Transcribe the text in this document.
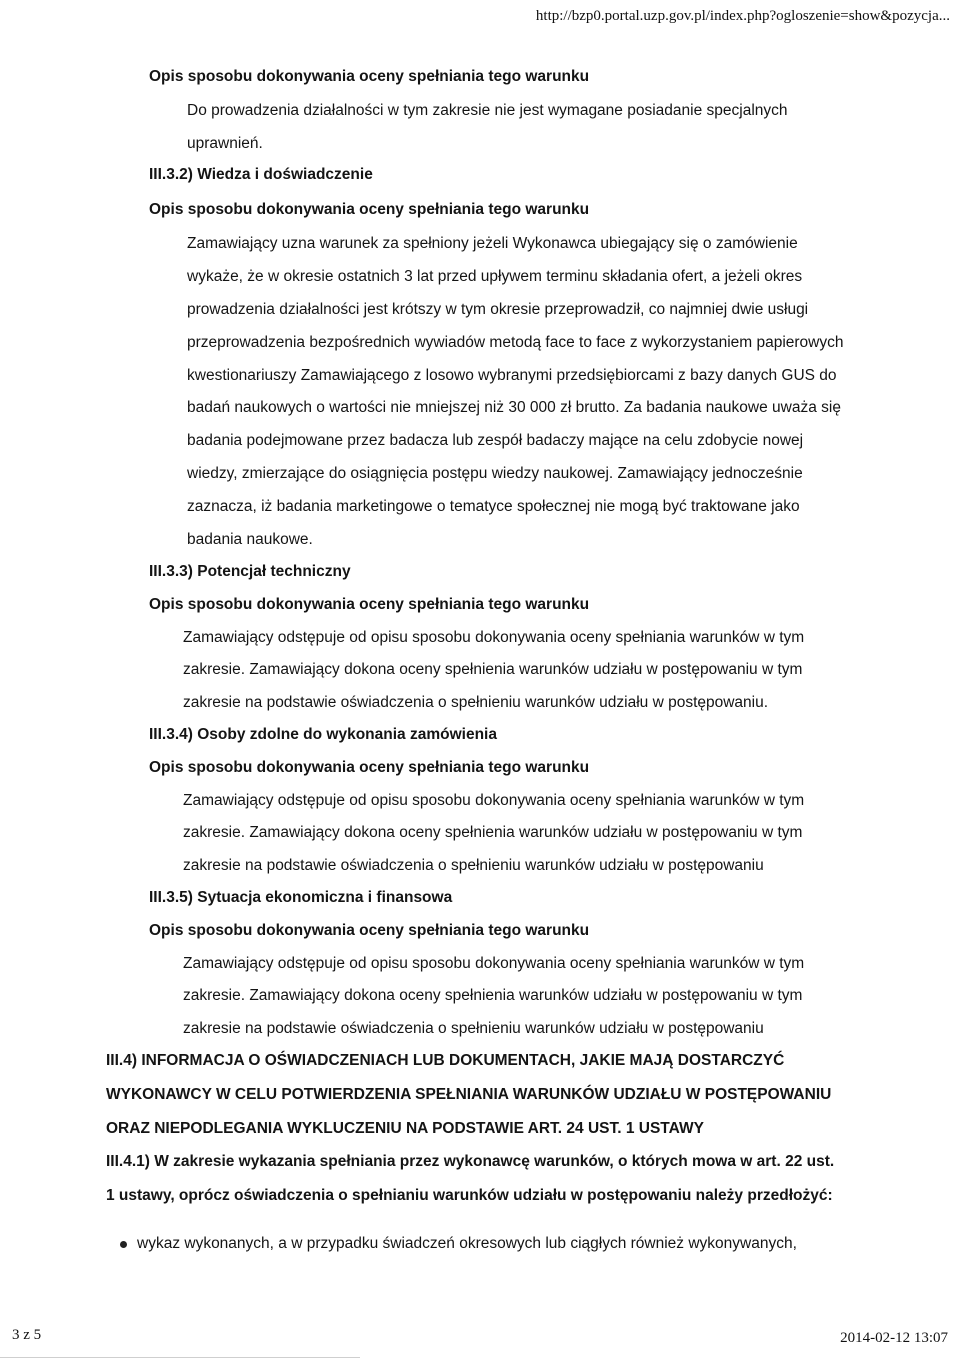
http://bzp0.portal.uzp.gov.pl/index.php?ogloszenie=show&pozycja...
Opis sposobu dokonywania oceny spełniania tego warunku
Do prowadzenia działalności w tym zakresie nie jest wymagane posiadanie specjalnych
uprawnień.
III.3.2) Wiedza i doświadczenie
Opis sposobu dokonywania oceny spełniania tego warunku
Zamawiający uzna warunek za spełniony jeżeli Wykonawca ubiegający się o zamówienie
wykaże, że w okresie ostatnich 3 lat przed upływem terminu składania ofert, a jeżeli okres
prowadzenia działalności jest krótszy w tym okresie przeprowadził, co najmniej dwie usługi
przeprowadzenia bezpośrednich wywiadów metodą face to face z wykorzystaniem papierowych
kwestionariuszy Zamawiającego z losowo wybranymi przedsiębiorcami z bazy danych GUS do
badań naukowych o wartości nie mniejszej niż 30 000 zł brutto. Za badania naukowe uważa się
badania podejmowane przez badacza lub zespół badaczy mające na celu zdobycie nowej
wiedzy, zmierzające do osiągnięcia postępu wiedzy naukowej. Zamawiający jednocześnie
zaznacza, iż badania marketingowe o tematyce społecznej nie mogą być traktowane jako
badania naukowe.
III.3.3) Potencjał techniczny
Opis sposobu dokonywania oceny spełniania tego warunku
Zamawiający odstępuje od opisu sposobu dokonywania oceny spełniania warunków w tym
zakresie. Zamawiający dokona oceny spełnienia warunków udziału w postępowaniu w tym
zakresie na podstawie oświadczenia o spełnieniu warunków udziału w postępowaniu.
III.3.4) Osoby zdolne do wykonania zamówienia
Opis sposobu dokonywania oceny spełniania tego warunku
Zamawiający odstępuje od opisu sposobu dokonywania oceny spełniania warunków w tym
zakresie. Zamawiający dokona oceny spełnienia warunków udziału w postępowaniu w tym
zakresie na podstawie oświadczenia o spełnieniu warunków udziału w postępowaniu
III.3.5) Sytuacja ekonomiczna i finansowa
Opis sposobu dokonywania oceny spełniania tego warunku
Zamawiający odstępuje od opisu sposobu dokonywania oceny spełniania warunków w tym
zakresie. Zamawiający dokona oceny spełnienia warunków udziału w postępowaniu w tym
zakresie na podstawie oświadczenia o spełnieniu warunków udziału w postępowaniu
III.4) INFORMACJA O OŚWIADCZENIACH LUB DOKUMENTACH, JAKIE MAJĄ DOSTARCZYĆ
WYKONAWCY W CELU POTWIERDZENIA SPEŁNIANIA WARUNKÓW UDZIAŁU W POSTĘPOWANIU
ORAZ NIEPODLEGANIA WYKLUCZENIU NA PODSTAWIE ART. 24 UST. 1 USTAWY
III.4.1) W zakresie wykazania spełniania przez wykonawcę warunków, o których mowa w art. 22 ust.
1 ustawy, oprócz oświadczenia o spełnianiu warunków udziału w postępowaniu należy przedłożyć:
wykaz wykonanych, a w przypadku świadczeń okresowych lub ciągłych również wykonywanych,
3 z 5	2014-02-12 13:07
